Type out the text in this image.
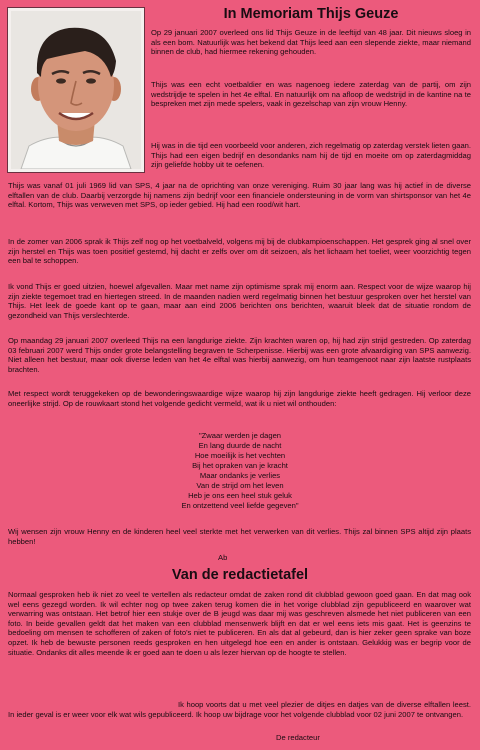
In Memoriam Thijs Geuze

Op 29 januari 2007 overleed ons lid Thijs Geuze in de leeftijd van 48 jaar. Dit nieuws sloeg in als een bom. Natuurlijk was het bekend dat Thijs leed aan een slepende ziekte, maar niemand binnen de club, had hiermee rekening gehouden.

Thijs was een echt voetbaldier en was nagenoeg iedere zaterdag van de partij, om zijn wedstrijdje te spelen in het 4e elftal. En natuurlijk om na afloop de wedstrijd in de kantine na te bespreken met zijn mede spelers, vaak in gezelschap van zijn vrouw Henny.

Hij was in die tijd een voorbeeld voor anderen, zich regelmatig op zaterdag verstek lieten gaan. Thijs had een eigen bedrijf en desondanks nam hij de tijd en moeite om op zaterdagmiddag zijn geliefde hobby uit te oefenen.

Thijs was vanaf 01 juli 1969 lid van SPS, 4 jaar na de oprichting van onze vereniging. Ruim 30 jaar lang was hij actief in de diverse elftallen van de club. Daarbij verzorgde hij namens zijn bedrijf voor een financiele ondersteuning in de vorm van shirtsponsor van het 4e elftal. Kortom, Thijs was verweven met SPS, op ieder gebied. Hij had een rood/wit hart.

In de zomer van 2006 sprak ik Thijs zelf nog op het voetbalveld, volgens mij bij de clubkampioenschappen. Het gesprek ging al snel over zijn herstel en Thijs was toen positief gestemd, hij dacht er zelfs over om dit seizoen, als het lichaam het toeliet, weer voorzichtig tegen een bal te schoppen.

Ik vond Thijs er goed uitzien, hoewel afgevallen. Maar met name zijn optimisme sprak mij enorm aan. Respect voor de wijze waarop hij zijn ziekte tegemoet trad en hiertegen streed. In de maanden nadien werd regelmatig binnen het bestuur gesproken over het herstel van Thijs. Het leek de goede kant op te gaan, maar aan eind 2006 berichten ons berichten, waaruit bleek dat de situatie rondom de gezondheid van Thijs verslechterde.

Op maandag 29 januari 2007 overleed Thijs na een langdurige ziekte. Zijn krachten waren op, hij had zijn strijd gestreden. Op zaterdag 03 februari 2007 werd Thijs onder grote belangstelling begraven te Scherpenisse. Hierbij was een grote afvaardiging van SPS aanwezig. Niet alleen het bestuur, maar ook diverse leden van het 4e elftal was hierbij aanwezig, om hun teamgenoot naar zijn laatste rustplaats brachten.

Met respect wordt teruggekeken op de bewonderingswaardige wijze waarop hij zijn langdurige ziekte heeft gedragen. Hij verloor deze oneerlijke strijd. Op de rouwkaart stond het volgende gedicht vermeld, wat ik u niet wil onthouden:

"Zwaar werden je dagen
En lang duurde de nacht
Hoe moeilijk is het vechten
Bij het opraken van je kracht
Maar ondanks je verlies
Van de strijd om het leven
Heb je ons een heel stuk geluk
En ontzettend veel liefde gegeven"

Wij wensen zijn vrouw Henny en de kinderen heel veel sterkte met het verwerken van dit verlies. Thijs zal binnen SPS altijd zijn plaats hebben!

Ab

Van de redactietafel

Normaal gesproken heb ik niet zo veel te vertellen als redacteur omdat de zaken rond dit clubblad gewoon goed gaan. En dat mag ook wel eens gezegd worden. Ik wil echter nog op twee zaken terug komen die in het vorige clubblad zijn gepubliceerd en waarover wat verwarring was ontstaan. Het betrof hier een stukje over de B jeugd was daar mij was geschreven alsmede het niet publiceren van een foto. In beide gevallen geldt dat het maken van een clubblad mensenwerk blijft en dat er wel eens iets mis gaat. Het is geenzins te bedoeling om mensen te schofferen of zaken of foto's niet te publiceren. En als dat al gebeurd, dan is hier zeker geen sprake van boze opzet. Ik heb de bewuste personen reeds gesproken en hen uitgelegd hoe een en ander is ontstaan. Gelukkig was er begrip voor de situatie. Ondanks dit alles meende ik er goed aan te doen u als lezer hiervan op de hoogte te stellen.

Ik hoop voorts dat u met veel plezier de ditjes en datjes van de diverse elftallen leest. In ieder geval is er weer voor elk wat wils gepubliceerd. Ik hoop uw bijdrage voor het volgende clubblad voor 02 juni 2007 te ontvangen.

De redacteur
